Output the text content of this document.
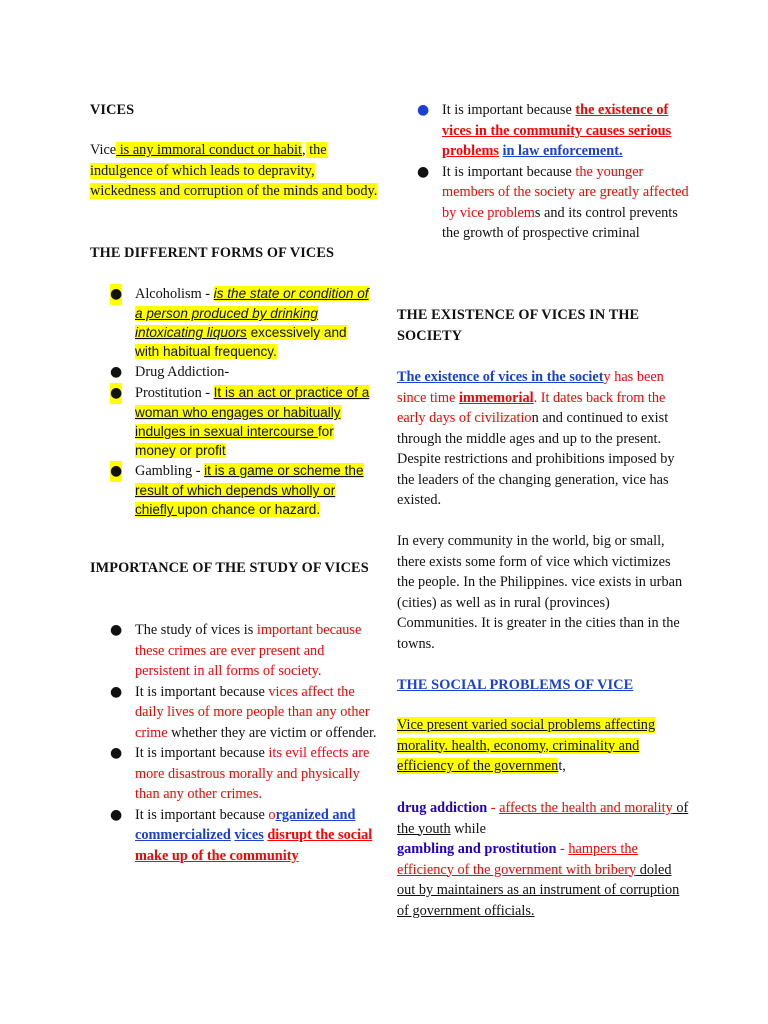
VICES

Vice is any immoral conduct or habit, the indulgence of which leads to depravity, wickedness and corruption of the minds and body.

THE DIFFERENT FORMS OF VICES
● Alcoholism - is the state or condition of a person produced by drinking intoxicating liquors excessively and with habitual frequency.
● Drug Addiction-
● Prostitution - It is an act or practice of a woman who engages or habitually indulges in sexual intercourse for money or profit
● Gambling - it is a game or scheme the result of which depends wholly or chiefly upon chance or hazard.
IMPORTANCE OF THE STUDY OF VICES
● The study of vices is important because these crimes are ever present and persistent in all forms of society.
● It is important because vices affect the daily lives of more people than any other crime whether they are victim or offender.
● It is important because its evil effects are more disastrous morally and physically than any other crimes.
● It is important because organized and commercialized vices disrupt the social make up of the community
● It is important because the existence of vices in the community causes serious problems in law enforcement.
● It is important because the younger members of the society are greatly affected by vice problems and its control prevents the growth of prospective criminal
THE EXISTENCE OF VICES IN THE SOCIETY

The existence of vices in the society has been since time immemorial. It dates back from the early days of civilization and continued to exist through the middle ages and up to the present. Despite restrictions and prohibitions imposed by the leaders of the changing generation, vice has existed.

In every community in the world, big or small, there exists some form of vice which victimizes the people. In the Philippines. vice exists in urban (cities) as well as in rural (provinces) Communities. It is greater in the cities than in the towns.

THE SOCIAL PROBLEMS OF VICE

Vice present varied social problems affecting morality. health, economy, criminality and efficiency of the government,

drug addiction - affects the health and morality of the youth while
gambling and prostitution - hampers the efficiency of the government with bribery doled out by maintainers as an instrument of corruption of government officials.
